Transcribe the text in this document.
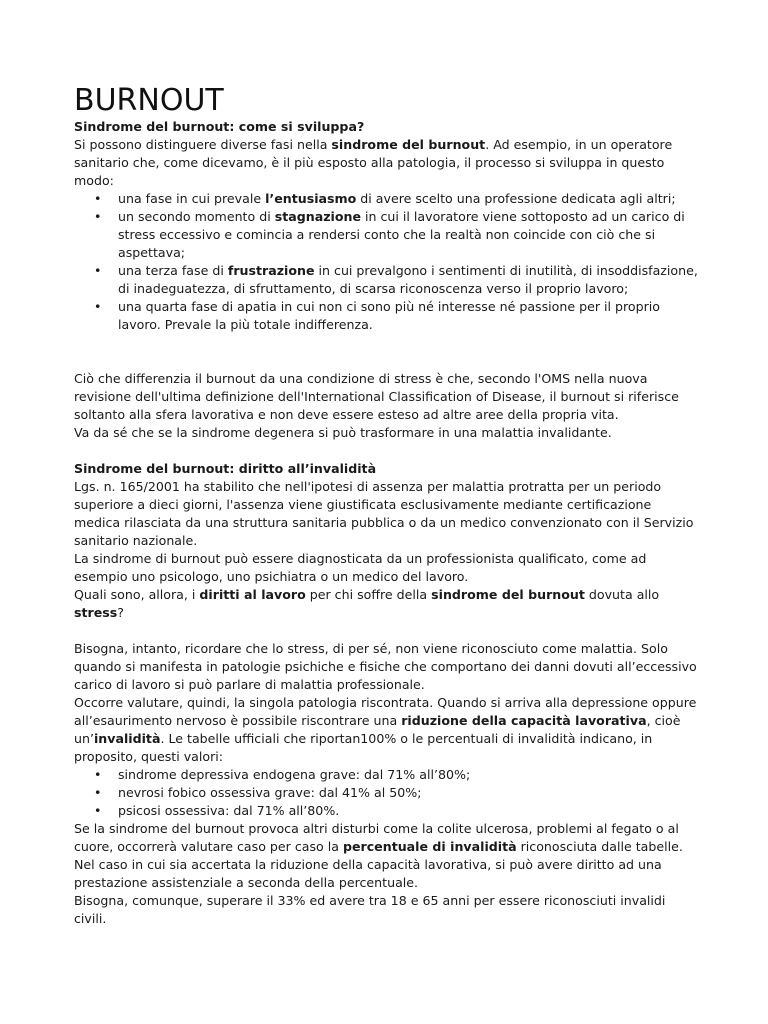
BURNOUT
Sindrome del burnout: come si sviluppa?

Si possono distinguere diverse fasi nella sindrome del burnout. Ad esempio, in un operatore sanitario che, come dicevamo, è il più esposto alla patologia, il processo si sviluppa in questo modo:

• una fase in cui prevale l’entusiasmo di avere scelto una professione dedicata agli altri;
• un secondo momento di stagnazione in cui il lavoratore viene sottoposto ad un carico di stress eccessivo e comincia a rendersi conto che la realtà non coincide con ciò che si aspettava;
• una terza fase di frustrazione in cui prevalgono i sentimenti di inutilità, di insoddisfazione, di inadeguatezza, di sfruttamento, di scarsa riconoscenza verso il proprio lavoro;
• una quarta fase di apatia in cui non ci sono più né interesse né passione per il proprio lavoro. Prevale la più totale indifferenza.

Ciò che differenzia il burnout da una condizione di stress è che, secondo l'OMS nella nuova revisione dell'ultima definizione dell'International Classification of Disease, il burnout si riferisce soltanto alla sfera lavorativa e non deve essere esteso ad altre aree della propria vita.

Va da sé che se la sindrome degenera si può trasformare in una malattia invalidante.

Sindrome del burnout: diritto all’invalidità

Lgs. n. 165/2001 ha stabilito che nell'ipotesi di assenza per malattia protratta per un periodo superiore a dieci giorni, l'assenza viene giustificata esclusivamente mediante certificazione medica rilasciata da una struttura sanitaria pubblica o da un medico convenzionato con il Servizio sanitario nazionale.

La sindrome di burnout può essere diagnosticata da un professionista qualificato, come ad esempio uno psicologo, uno psichiatra o un medico del lavoro.

Quali sono, allora, i diritti al lavoro per chi soffre della sindrome del burnout dovuta allo stress?

Bisogna, intanto, ricordare che lo stress, di per sé, non viene riconosciuto come malattia. Solo quando si manifesta in patologie psichiche e fisiche che comportano dei danni dovuti all’eccessivo carico di lavoro si può parlare di malattia professionale.

Occorre valutare, quindi, la singola patologia riscontrata. Quando si arriva alla depressione oppure all’esaurimento nervoso è possibile riscontrare una riduzione della capacità lavorativa, cioè un’invalidità. Le tabelle ufficiali che riportan100% o le percentuali di invalidità indicano, in proposito, questi valori:

• sindrome depressiva endogena grave: dal 71% all’80%;
• nevrosi fobico ossessiva grave: dal 41% al 50%;
• psicosi ossessiva: dal 71% all’80%.

Se la sindrome del burnout provoca altri disturbi come la colite ulcerosa, problemi al fegato o al cuore, occorrerà valutare caso per caso la percentuale di invalidità riconosciuta dalle tabelle. Nel caso in cui sia accertata la riduzione della capacità lavorativa, si può avere diritto ad una prestazione assistenziale a seconda della percentuale.

Bisogna, comunque, superare il 33% ed avere tra 18 e 65 anni per essere riconosciuti invalidi civili.
